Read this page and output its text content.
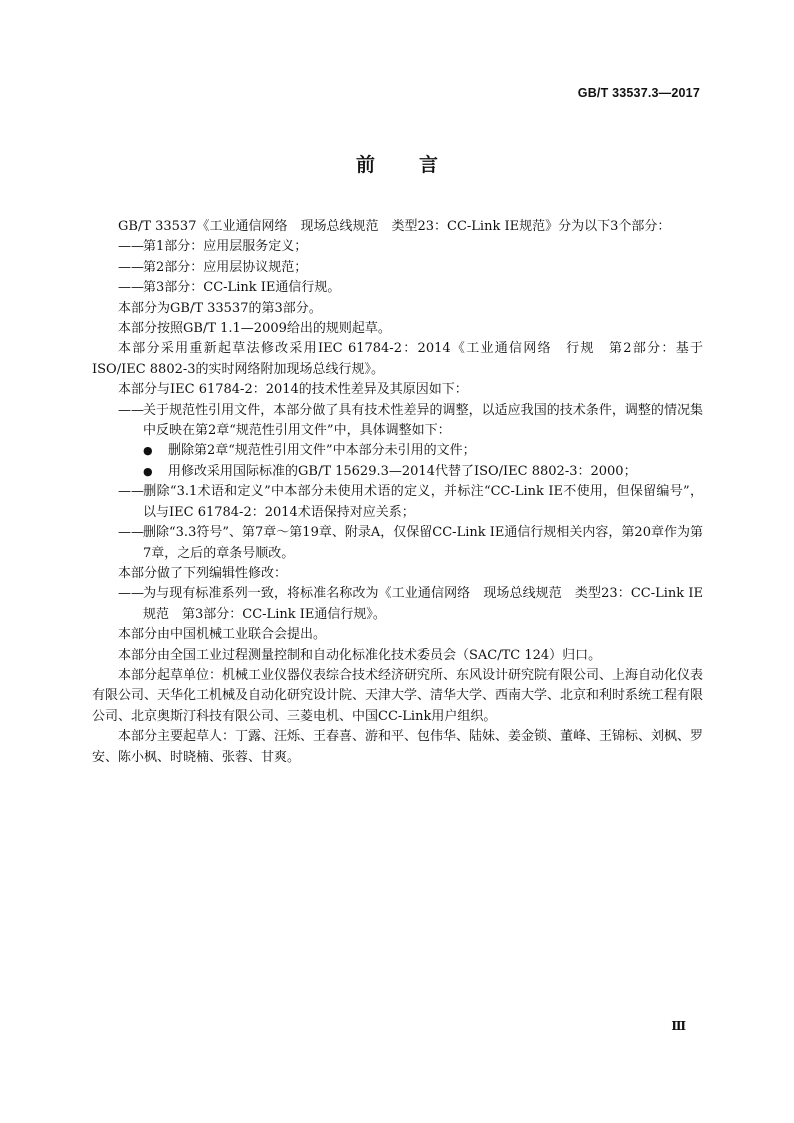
GB/T 33537.3—2017
前言

GB/T 33537《工业通信网络　现场总线规范　类型23：CC-Link IE规范》分为以下3个部分：

——第1部分：应用层服务定义；

——第2部分：应用层协议规范；

——第3部分：CC-Link IE通信行规。

本部分为GB/T 33537的第3部分。

本部分按照GB/T 1.1—2009给出的规则起草。

本部分采用重新起草法修改采用IEC 61784-2：2014《工业通信网络　行规　第2部分：基于ISO/IEC 8802-3的实时网络附加现场总线行规》。

本部分与IEC 61784-2：2014的技术性差异及其原因如下：

——关于规范性引用文件，本部分做了具有技术性差异的调整，以适应我国的技术条件，调整的情况集中反映在第2章“规范性引用文件”中，具体调整如下：

● 删除第2章“规范性引用文件”中本部分未引用的文件；

● 用修改采用国际标准的GB/T 15629.3—2014代替了ISO/IEC 8802-3：2000；

——删除“3.1术语和定义”中本部分未使用术语的定义，并标注“CC-Link IE不使用，但保留编号”，以与IEC 61784-2：2014术语保持对应关系；

——删除“3.3符号”、第7章～第19章、附录A，仅保留CC-Link IE通信行规相关内容，第20章作为第7章，之后的章条号顺改。

本部分做了下列编辑性修改：

——为与现有标准系列一致，将标准名称改为《工业通信网络　现场总线规范　类型23：CC-Link IE规范　第3部分：CC-Link IE通信行规》。

本部分由中国机械工业联合会提出。

本部分由全国工业过程测量控制和自动化标准化技术委员会（SAC/TC 124）归口。

本部分起草单位：机械工业仪器仪表综合技术经济研究所、东风设计研究院有限公司、上海自动化仪表有限公司、天华化工机械及自动化研究设计院、天津大学、清华大学、西南大学、北京和利时系统工程有限公司、北京奥斯汀科技有限公司、三菱电机、中国CC-Link用户组织。

本部分主要起草人：丁露、汪烁、王春喜、游和平、包伟华、陆妹、姜金锁、董峰、王锦标、刘枫、罗安、陈小枫、时晓楠、张蓉、甘爽。

Ⅲ
